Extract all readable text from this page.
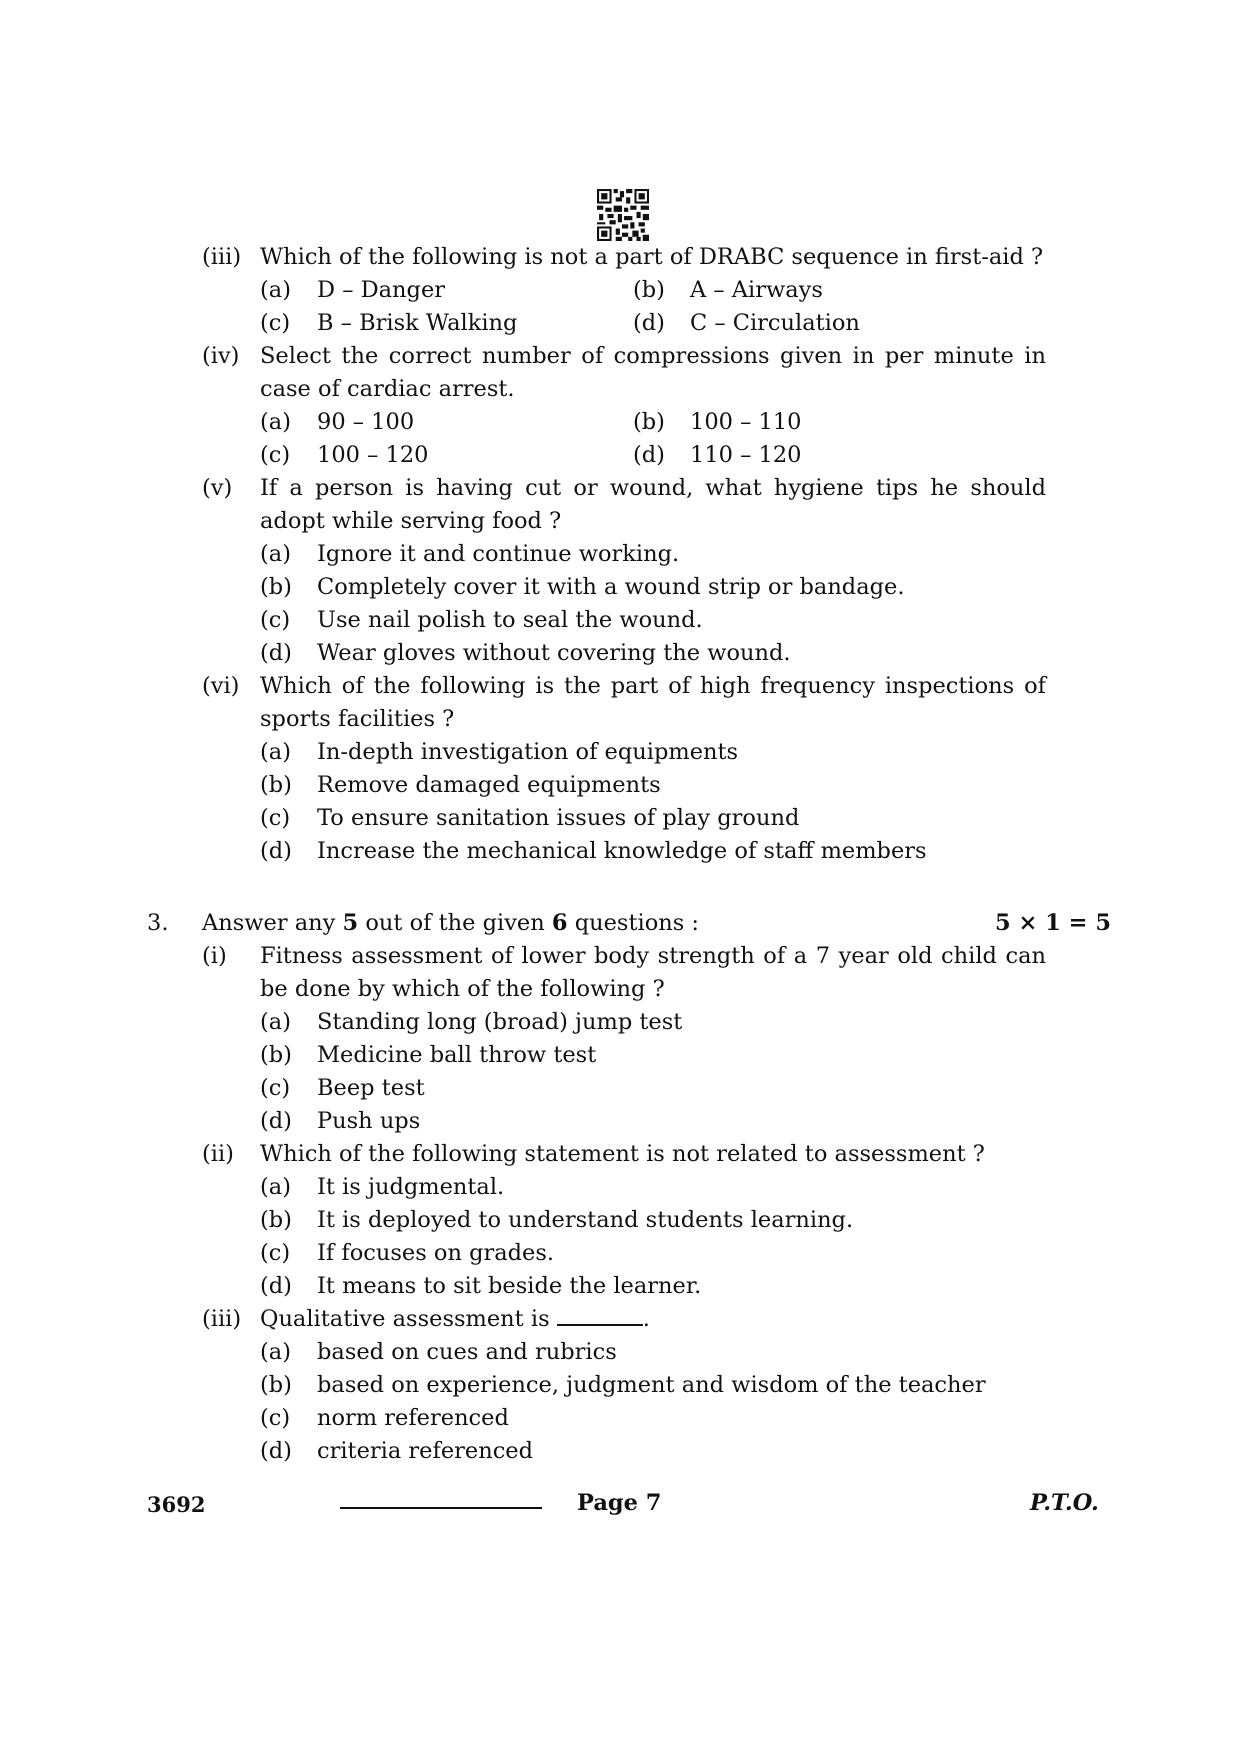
(iii) Which of the following is not a part of DRABC sequence in first-aid ?
(a) D – Danger	(b) A – Airways
(c) B – Brisk Walking	(d) C – Circulation
(iv) Select the correct number of compressions given in per minute in
case of cardiac arrest.
(a) 90 – 100	(b) 100 – 110
(c) 100 – 120	(d) 110 – 120
(v) If a person is having cut or wound, what hygiene tips he should
adopt while serving food ?
(a) Ignore it and continue working.
(b) Completely cover it with a wound strip or bandage.
(c) Use nail polish to seal the wound.
(d) Wear gloves without covering the wound.
(vi) Which of the following is the part of high frequency inspections of
sports facilities ?
(a) In-depth investigation of equipments
(b) Remove damaged equipments
(c) To ensure sanitation issues of play ground
(d) Increase the mechanical knowledge of staff members
3. Answer any 5 out of the given 6 questions :	5 × 1 = 5
(i) Fitness assessment of lower body strength of a 7 year old child can
be done by which of the following ?
(a) Standing long (broad) jump test
(b) Medicine ball throw test
(c) Beep test
(d) Push ups
(ii) Which of the following statement is not related to assessment ?
(a) It is judgmental.
(b) It is deployed to understand students learning.
(c) If focuses on grades.
(d) It means to sit beside the learner.
(iii) Qualitative assessment is	.
(a) based on cues and rubrics
(b) based on experience, judgment and wisdom of the teacher
(c) norm referenced
(d) criteria referenced
3692	Page 7	P.T.O.
